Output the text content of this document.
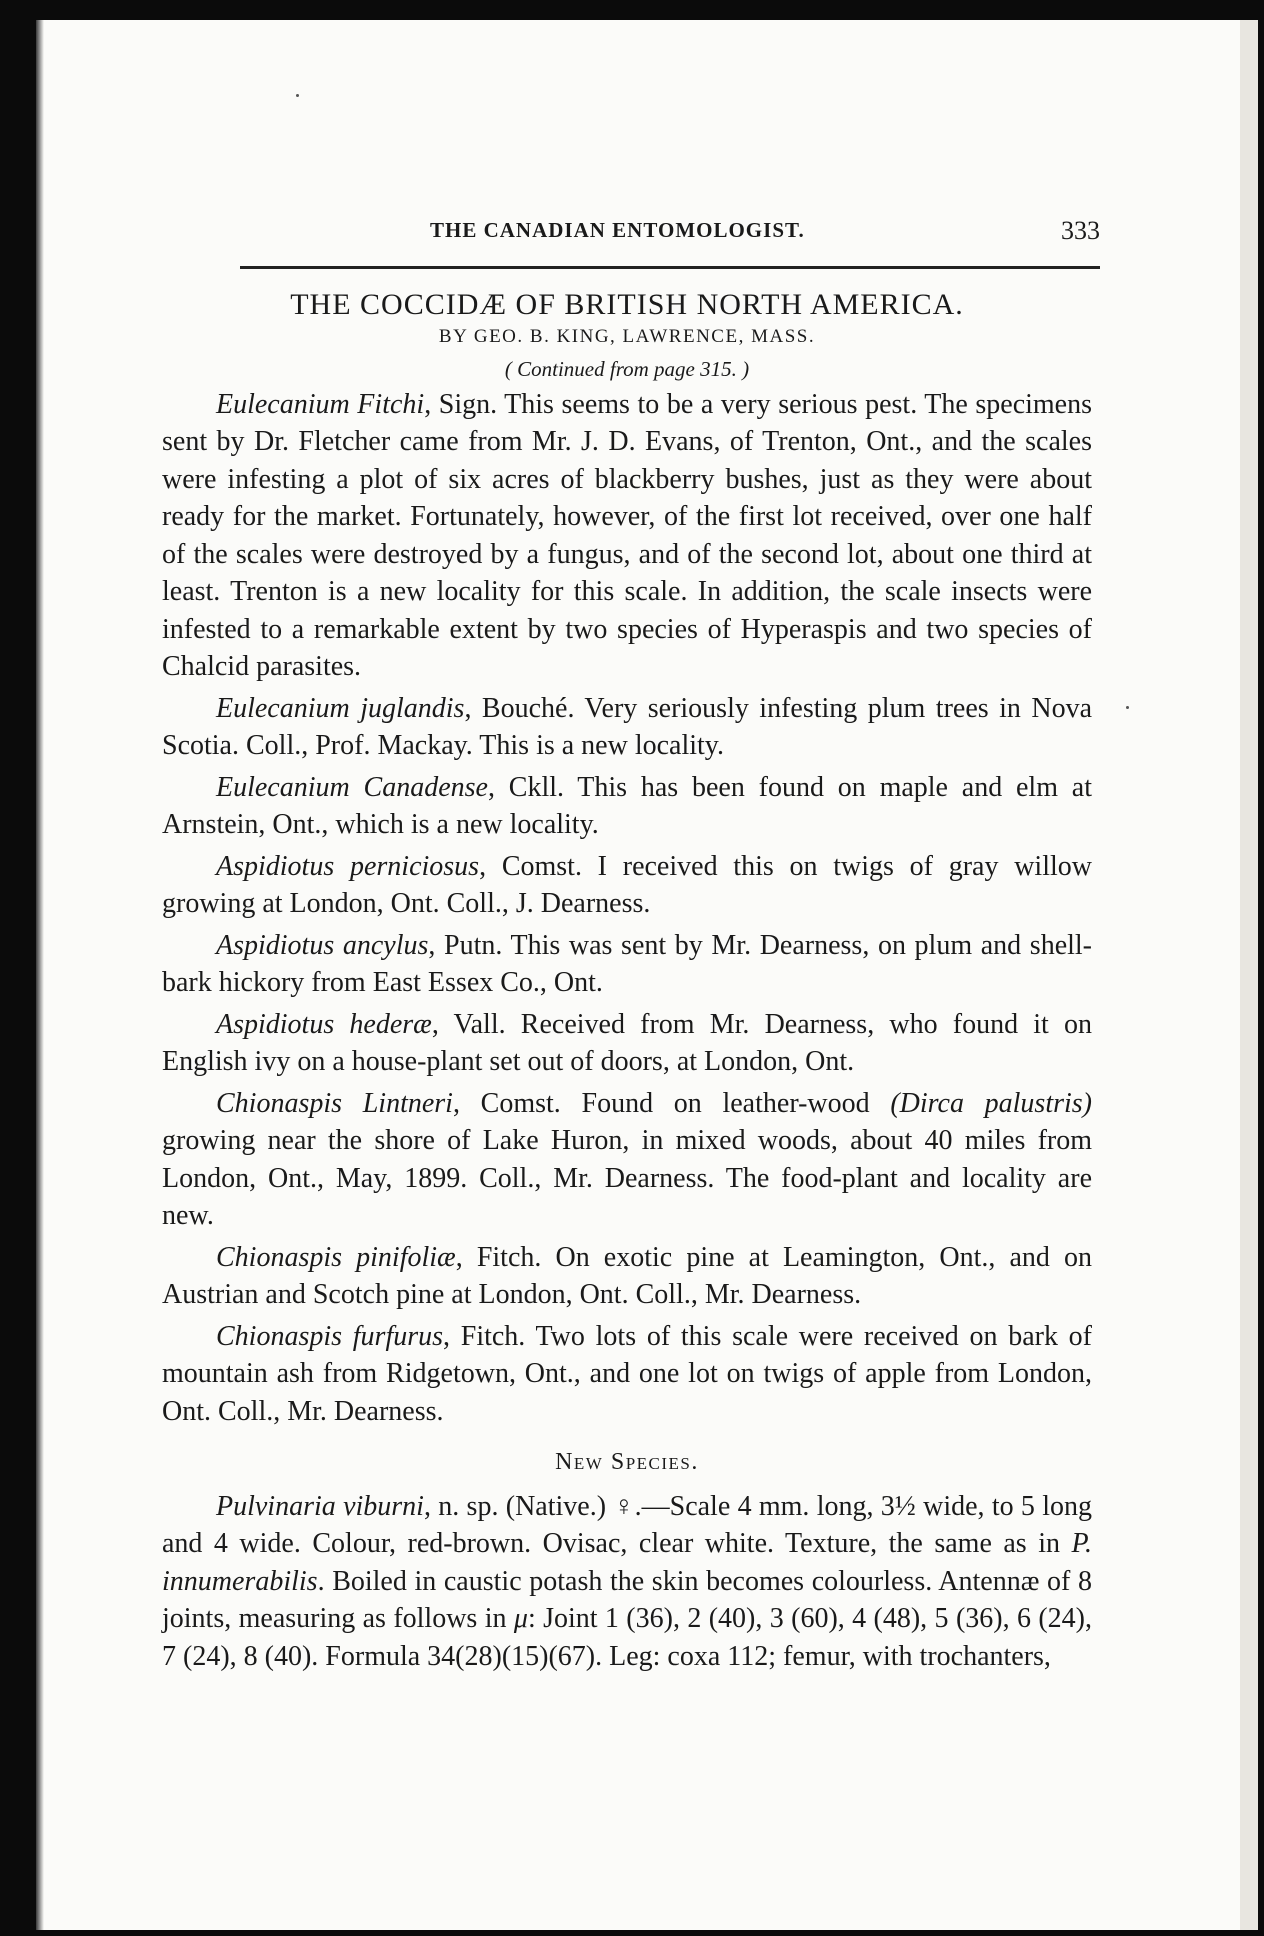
THE CANADIAN ENTOMOLOGIST.	333
THE COCCIDÆ OF BRITISH NORTH AMERICA.
BY GEO. B. KING, LAWRENCE, MASS.
( Continued from page 315. )

Eulecanium Fitchi, Sign. This seems to be a very serious pest. The specimens sent by Dr. Fletcher came from Mr. J. D. Evans, of Trenton, Ont., and the scales were infesting a plot of six acres of blackberry bushes, just as they were about ready for the market. Fortunately, however, of the first lot received, over one half of the scales were destroyed by a fungus, and of the second lot, about one third at least. Trenton is a new locality for this scale. In addition, the scale insects were infested to a remarkable extent by two species of Hyperaspis and two species of Chalcid parasites.

Eulecanium juglandis, Bouché. Very seriously infesting plum trees in Nova Scotia. Coll., Prof. Mackay. This is a new locality.

Eulecanium Canadense, Ckll. This has been found on maple and elm at Arnstein, Ont., which is a new locality.

Aspidiotus perniciosus, Comst. I received this on twigs of gray willow growing at London, Ont. Coll., J. Dearness.

Aspidiotus ancylus, Putn. This was sent by Mr. Dearness, on plum and shell-bark hickory from East Essex Co., Ont.

Aspidiotus hederæ, Vall. Received from Mr. Dearness, who found it on English ivy on a house-plant set out of doors, at London, Ont.

Chionaspis Lintneri, Comst. Found on leather-wood (Dirca palustris) growing near the shore of Lake Huron, in mixed woods, about 40 miles from London, Ont., May, 1899. Coll., Mr. Dearness. The food-plant and locality are new.

Chionaspis pinifoliæ, Fitch. On exotic pine at Leamington, Ont., and on Austrian and Scotch pine at London, Ont. Coll., Mr. Dearness.

Chionaspis furfurus, Fitch. Two lots of this scale were received on bark of mountain ash from Ridgetown, Ont., and one lot on twigs of apple from London, Ont. Coll., Mr. Dearness.

New Species.

Pulvinaria viburni, n. sp. (Native.) ♀.—Scale 4 mm. long, 3½ wide, to 5 long and 4 wide. Colour, red-brown. Ovisac, clear white. Texture, the same as in P. innumerabilis. Boiled in caustic potash the skin becomes colourless. Antennæ of 8 joints, measuring as follows in μ: Joint 1 (36), 2 (40), 3 (60), 4 (48), 5 (36), 6 (24), 7 (24), 8 (40). Formula 34(28)(15)(67). Leg: coxa 112; femur, with trochanters,
